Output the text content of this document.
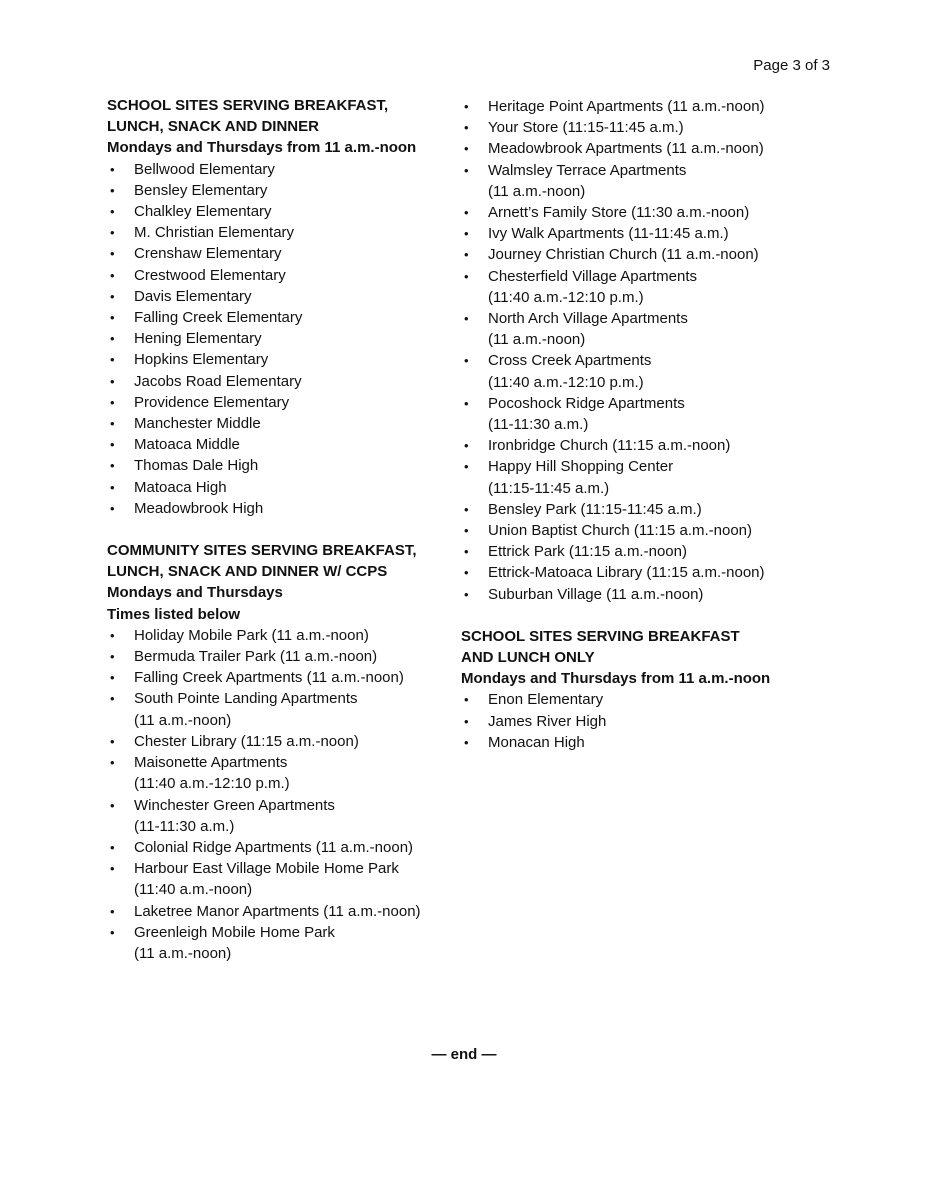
Page 3 of 3

SCHOOL SITES SERVING BREAKFAST,
LUNCH, SNACK AND DINNER

Mondays and Thursdays from 11 a.m.-noon

• Bellwood Elementary
• Bensley Elementary
• Chalkley Elementary
• M. Christian Elementary
• Crenshaw Elementary
• Crestwood Elementary
• Davis Elementary
• Falling Creek Elementary
• Hening Elementary
• Hopkins Elementary
• Jacobs Road Elementary
• Providence Elementary
• Manchester Middle
• Matoaca Middle
• Thomas Dale High
• Matoaca High
• Meadowbrook High

COMMUNITY SITES SERVING BREAKFAST,
LUNCH, SNACK AND DINNER W/ CCPS

Mondays and Thursdays

Times listed below

• Holiday Mobile Park (11 a.m.-noon)
• Bermuda Trailer Park (11 a.m.-noon)
• Falling Creek Apartments (11 a.m.-noon)
• South Pointe Landing Apartments
(11 a.m.-noon)
• Chester Library (11:15 a.m.-noon)
• Maisonette Apartments
(11:40 a.m.-12:10 p.m.)
• Winchester Green Apartments
(11-11:30 a.m.)
• Colonial Ridge Apartments (11 a.m.-noon)
• Harbour East Village Mobile Home Park
(11:40 a.m.-noon)
• Laketree Manor Apartments (11 a.m.-noon)
• Greenleigh Mobile Home Park
(11 a.m.-noon)
• Heritage Point Apartments (11 a.m.-noon)
• Your Store (11:15-11:45 a.m.)
• Meadowbrook Apartments (11 a.m.-noon)
• Walmsley Terrace Apartments
(11 a.m.-noon)
• Arnett’s Family Store (11:30 a.m.-noon)
• Ivy Walk Apartments (11-11:45 a.m.)
• Journey Christian Church (11 a.m.-noon)
• Chesterfield Village Apartments
(11:40 a.m.-12:10 p.m.)
• North Arch Village Apartments
(11 a.m.-noon)
• Cross Creek Apartments
(11:40 a.m.-12:10 p.m.)
• Pocoshock Ridge Apartments
(11-11:30 a.m.)
• Ironbridge Church (11:15 a.m.-noon)
• Happy Hill Shopping Center
(11:15-11:45 a.m.)
• Bensley Park (11:15-11:45 a.m.)
• Union Baptist Church (11:15 a.m.-noon)
• Ettrick Park (11:15 a.m.-noon)
• Ettrick-Matoaca Library (11:15 a.m.-noon)
• Suburban Village (11 a.m.-noon)

SCHOOL SITES SERVING BREAKFAST
AND LUNCH ONLY

Mondays and Thursdays from 11 a.m.-noon

• Enon Elementary
• James River High
• Monacan High
— end —
